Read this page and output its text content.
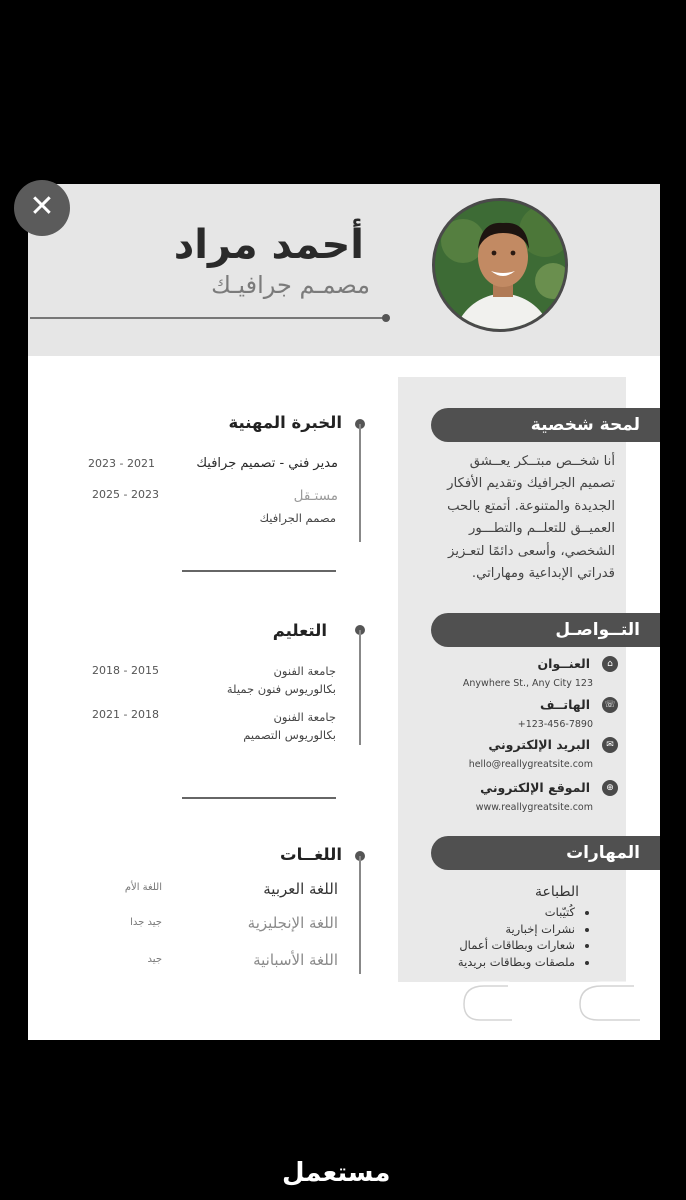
✕
أحمد مراد
مصمـم جرافيـك
لمحة شخصية
أنا شخــص مبتــكر يعــشق
تصميم الجرافيك وتقديم الأفكار
الجديدة والمتنوعة. أتمتع بالحب
العميــق للتعلــم والتطـــور
الشخصي، وأسعى دائمًا لتعـزيز
قدراتي الإبداعية ومهاراتي.
التــواصـل
⌂
العنــوان
Anywhere St., Any City 123
☏
الهاتــف
+123-456-7890
✉
البريد الإلكتروني
hello@reallygreatsite.com
⊕
الموقع الإلكتروني
www.reallygreatsite.com
المهارات
الطباعة
• كُتيّبات
• نشرات إخبارية
• شعارات وبطاقات أعمال
• ملصقات وبطاقات بريدية
الخبرة المهنية
مدير فني - تصميم جرافيك
2023 - 2021
مستـقل
2025 - 2023
مصمم الجرافيك
التعليم
جامعة الفنون
بكالوريوس فنون جميلة
2018 - 2015
جامعة الفنون
بكالوريوس التصميم
2021 - 2018
اللغــات
اللغة العربية
اللغة الأم
اللغة الإنجليزية
جيد جدا
اللغة الأسبانية
جيد
مستعمل
